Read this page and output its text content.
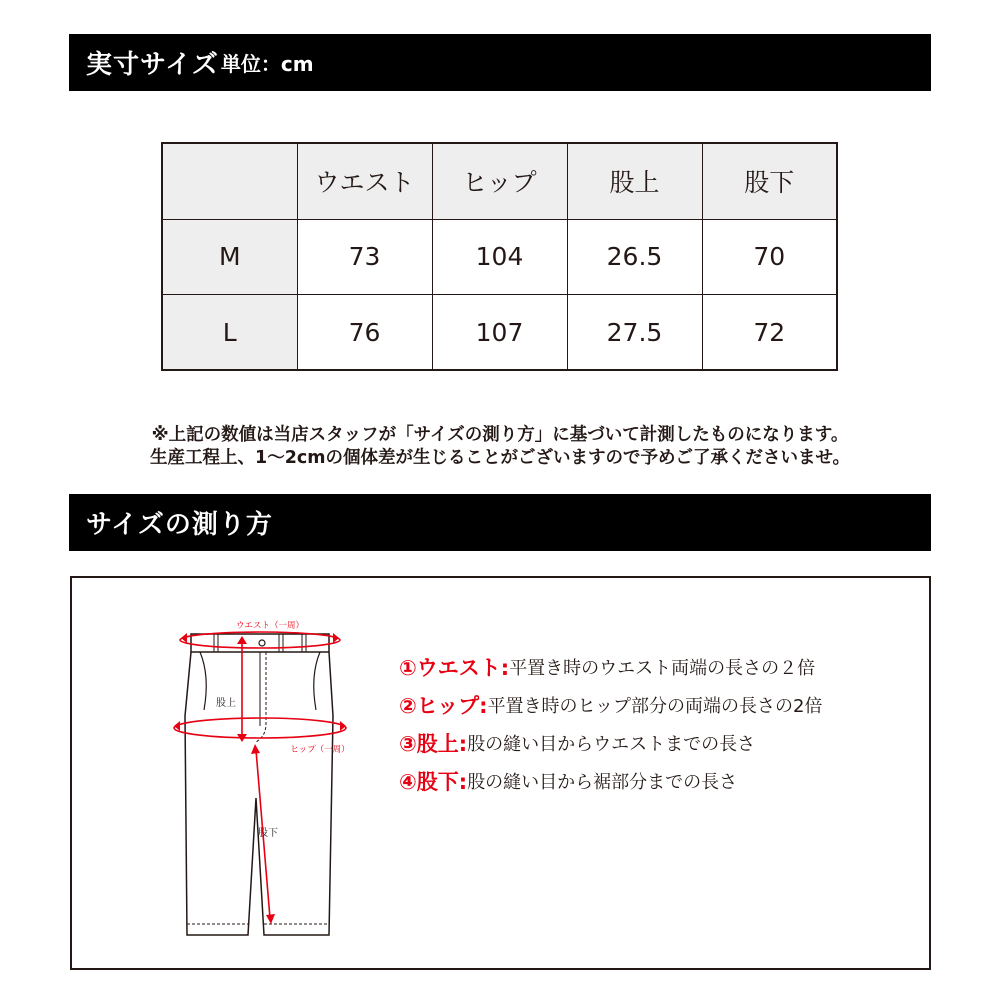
実寸サイズ 単位：cm
	ウエスト	ヒップ	股上	股下
M	73	104	26.5	70
L	76	107	27.5	72
※上記の数値は当店スタッフが「サイズの測り方」に基づいて計測したものになります。
生産工程上、1〜2cmの個体差が生じることがございますので予めご了承くださいませ。
サイズの測り方
ウエスト（一周）
ヒップ（一周）
股上
股下
①ウエスト: 平置き時のウエスト両端の長さの２倍
②ヒップ: 平置き時のヒップ部分の両端の長さの2倍
③股上: 股の縫い目からウエストまでの長さ
④股下: 股の縫い目から裾部分までの長さ
